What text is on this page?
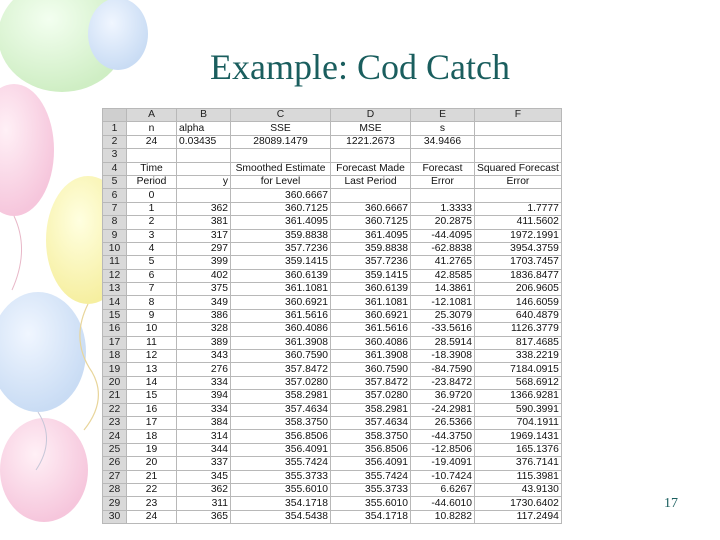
Example: Cod Catch
	A	B	C	D	E	F
1	n	alpha	SSE	MSE	s	
2	24	0.03435	28089.1479	1221.2673	34.9466	
3						
4	Time		Smoothed Estimate	Forecast Made	Forecast	Squared Forecast
5	Period	y	for Level	Last Period	Error	Error
6	0		360.6667			
7	1	362	360.7125	360.6667	1.3333	1.7777
8	2	381	361.4095	360.7125	20.2875	411.5602
9	3	317	359.8838	361.4095	-44.4095	1972.1991
10	4	297	357.7236	359.8838	-62.8838	3954.3759
11	5	399	359.1415	357.7236	41.2765	1703.7457
12	6	402	360.6139	359.1415	42.8585	1836.8477
13	7	375	361.1081	360.6139	14.3861	206.9605
14	8	349	360.6921	361.1081	-12.1081	146.6059
15	9	386	361.5616	360.6921	25.3079	640.4879
16	10	328	360.4086	361.5616	-33.5616	1126.3779
17	11	389	361.3908	360.4086	28.5914	817.4685
18	12	343	360.7590	361.3908	-18.3908	338.2219
19	13	276	357.8472	360.7590	-84.7590	7184.0915
20	14	334	357.0280	357.8472	-23.8472	568.6912
21	15	394	358.2981	357.0280	36.9720	1366.9281
22	16	334	357.4634	358.2981	-24.2981	590.3991
23	17	384	358.3750	357.4634	26.5366	704.1911
24	18	314	356.8506	358.3750	-44.3750	1969.1431
25	19	344	356.4091	356.8506	-12.8506	165.1376
26	20	337	355.7424	356.4091	-19.4091	376.7141
27	21	345	355.3733	355.7424	-10.7424	115.3981
28	22	362	355.6010	355.3733	6.6267	43.9130
29	23	311	354.1718	355.6010	-44.6010	1730.6402
30	24	365	354.5438	354.1718	10.8282	117.2494
17
